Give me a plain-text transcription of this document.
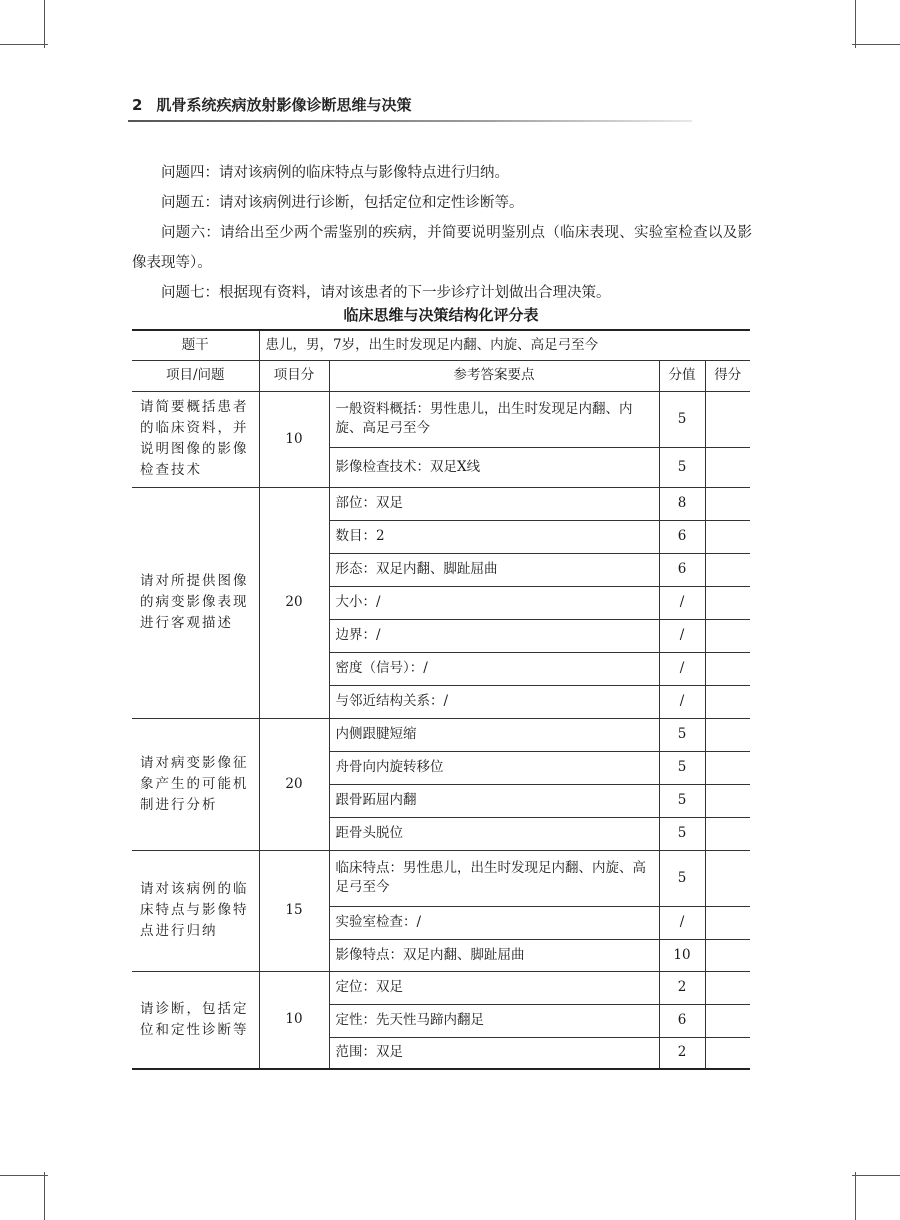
2 肌骨系统疾病放射影像诊断思维与决策

问题四：请对该病例的临床特点与影像特点进行归纳。

问题五：请对该病例进行诊断，包括定位和定性诊断等。

问题六：请给出至少两个需鉴别的疾病，并简要说明鉴别点（临床表现、实验室检查以及影像表现等）。

问题七：根据现有资料，请对该患者的下一步诊疗计划做出合理决策。

临床思维与决策结构化评分表
题干	患儿，男，7岁，出生时发现足内翻、内旋、高足弓至今			
项目/问题	项目分	参考答案要点	分值	得分
请简要概括患者的临床资料，并说明图像的影像检查技术	10	一般资料概括：男性患儿，出生时发现足内翻、内旋、高足弓至今	5	
		影像检查技术：双足X线	5	
请对所提供图像的病变影像表现进行客观描述	20	部位：双足	8	
		数目：2	6	
		形态：双足内翻、脚趾屈曲	6	
		大小：/	/	
		边界：/	/	
		密度（信号）：/	/	
		与邻近结构关系：/	/	
请对病变影像征象产生的可能机制进行分析	20	内侧跟腱短缩	5	
		舟骨向内旋转移位	5	
		跟骨跖屈内翻	5	
		距骨头脱位	5	
请对该病例的临床特点与影像特点进行归纳	15	临床特点：男性患儿，出生时发现足内翻、内旋、高足弓至今	5	
		实验室检查：/	/	
		影像特点：双足内翻、脚趾屈曲	10	
请诊断，包括定位和定性诊断等	10	定位：双足	2	
		定性：先天性马蹄内翻足	6	
		范围：双足	2	
